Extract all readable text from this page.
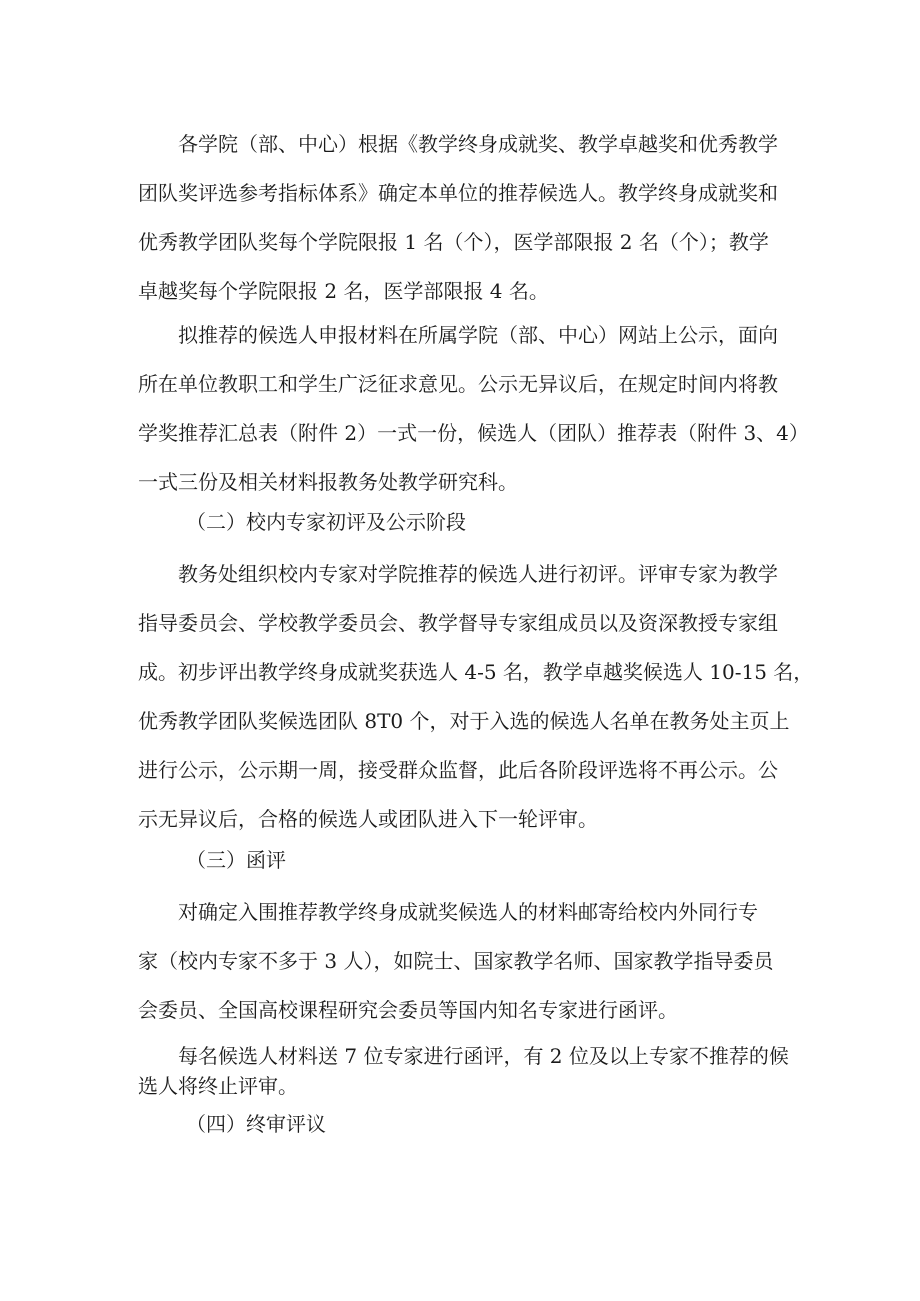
各学院（部、中心）根据《教学终身成就奖、教学卓越奖和优秀教学
团队奖评选参考指标体系》确定本单位的推荐候选人。教学终身成就奖和
优秀教学团队奖每个学院限报 1 名（个），医学部限报 2 名（个）；教学
卓越奖每个学院限报 2 名，医学部限报 4 名。

拟推荐的候选人申报材料在所属学院（部、中心）网站上公示，面向
所在单位教职工和学生广泛征求意见。公示无异议后，在规定时间内将教
学奖推荐汇总表（附件 2）一式一份，候选人（团队）推荐表（附件 3、4）
一式三份及相关材料报教务处教学研究科。

（二）校内专家初评及公示阶段

教务处组织校内专家对学院推荐的候选人进行初评。评审专家为教学
指导委员会、学校教学委员会、教学督导专家组成员以及资深教授专家组
成。初步评出教学终身成就奖获选人 4-5 名，教学卓越奖候选人 10-15 名，
优秀教学团队奖候选团队 8T0 个，对于入选的候选人名单在教务处主页上
进行公示，公示期一周，接受群众监督，此后各阶段评选将不再公示。公
示无异议后，合格的候选人或团队进入下一轮评审。

（三）函评

对确定入围推荐教学终身成就奖候选人的材料邮寄给校内外同行专
家（校内专家不多于 3 人），如院士、国家教学名师、国家教学指导委员
会委员、全国高校课程研究会委员等国内知名专家进行函评。

每名候选人材料送 7 位专家进行函评，有 2 位及以上专家不推荐的候
选人将终止评审。

（四）终审评议
